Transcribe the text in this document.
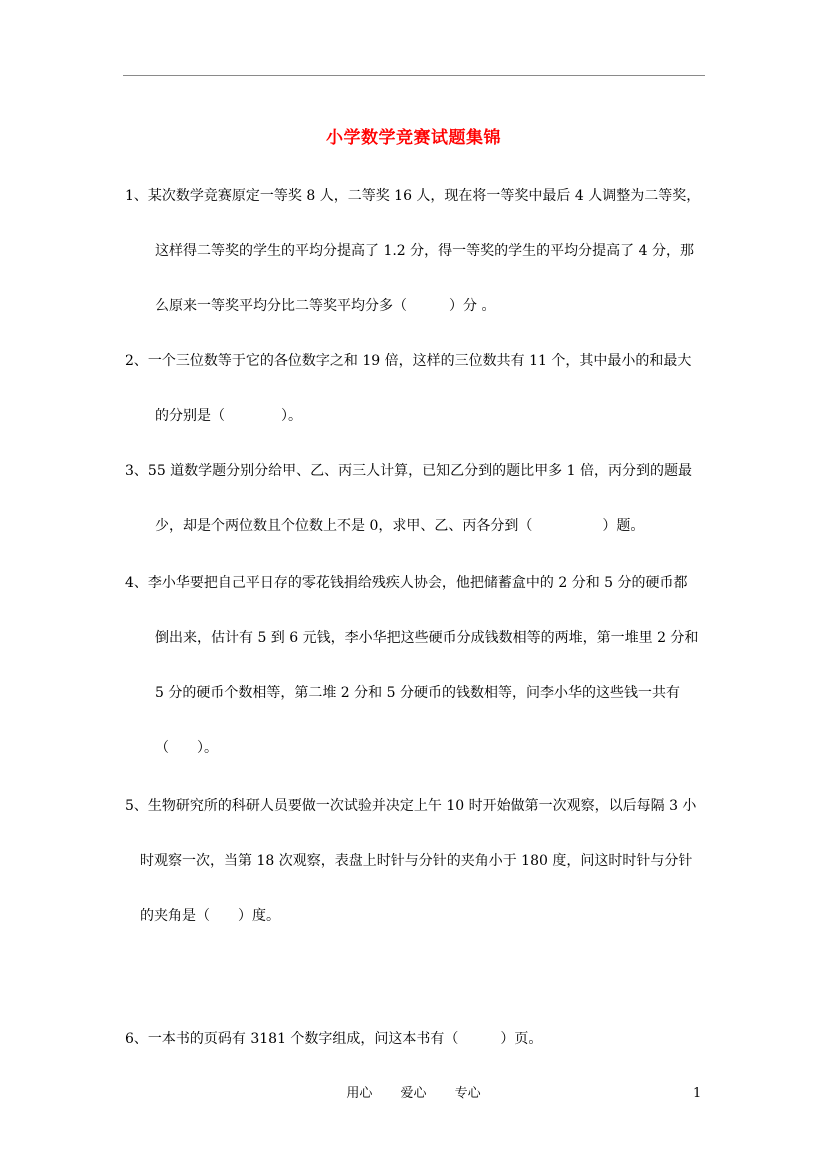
小学数学竞赛试题集锦
1、某次数学竞赛原定一等奖 8 人，二等奖 16 人，现在将一等奖中最后 4 人调整为二等奖，
这样得二等奖的学生的平均分提高了 1.2 分，得一等奖的学生的平均分提高了 4 分，那
么原来一等奖平均分比二等奖平均分多（　　　）分 。
2、一个三位数等于它的各位数字之和 19 倍，这样的三位数共有 11 个，其中最小的和最大
的分别是（　　　　）。
3、55 道数学题分别分给甲、乙、丙三人计算，已知乙分到的题比甲多 1 倍，丙分到的题最
少，却是个两位数且个位数上不是 0，求甲、乙、丙各分到（　　　　　）题。
4、李小华要把自己平日存的零花钱捐给残疾人协会，他把储蓄盒中的 2 分和 5 分的硬币都
倒出来，估计有 5 到 6 元钱，李小华把这些硬币分成钱数相等的两堆，第一堆里 2 分和
5 分的硬币个数相等，第二堆 2 分和 5 分硬币的钱数相等，问李小华的这些钱一共有
（　　）。
5、生物研究所的科研人员要做一次试验并决定上午 10 时开始做第一次观察，以后每隔 3 小
时观察一次，当第 18 次观察，表盘上时针与分针的夹角小于 180 度，问这时时针与分针
的夹角是（　　）度。
6、一本书的页码有 3181 个数字组成，问这本书有（　　　）页。
用心 爱心 专心	1
